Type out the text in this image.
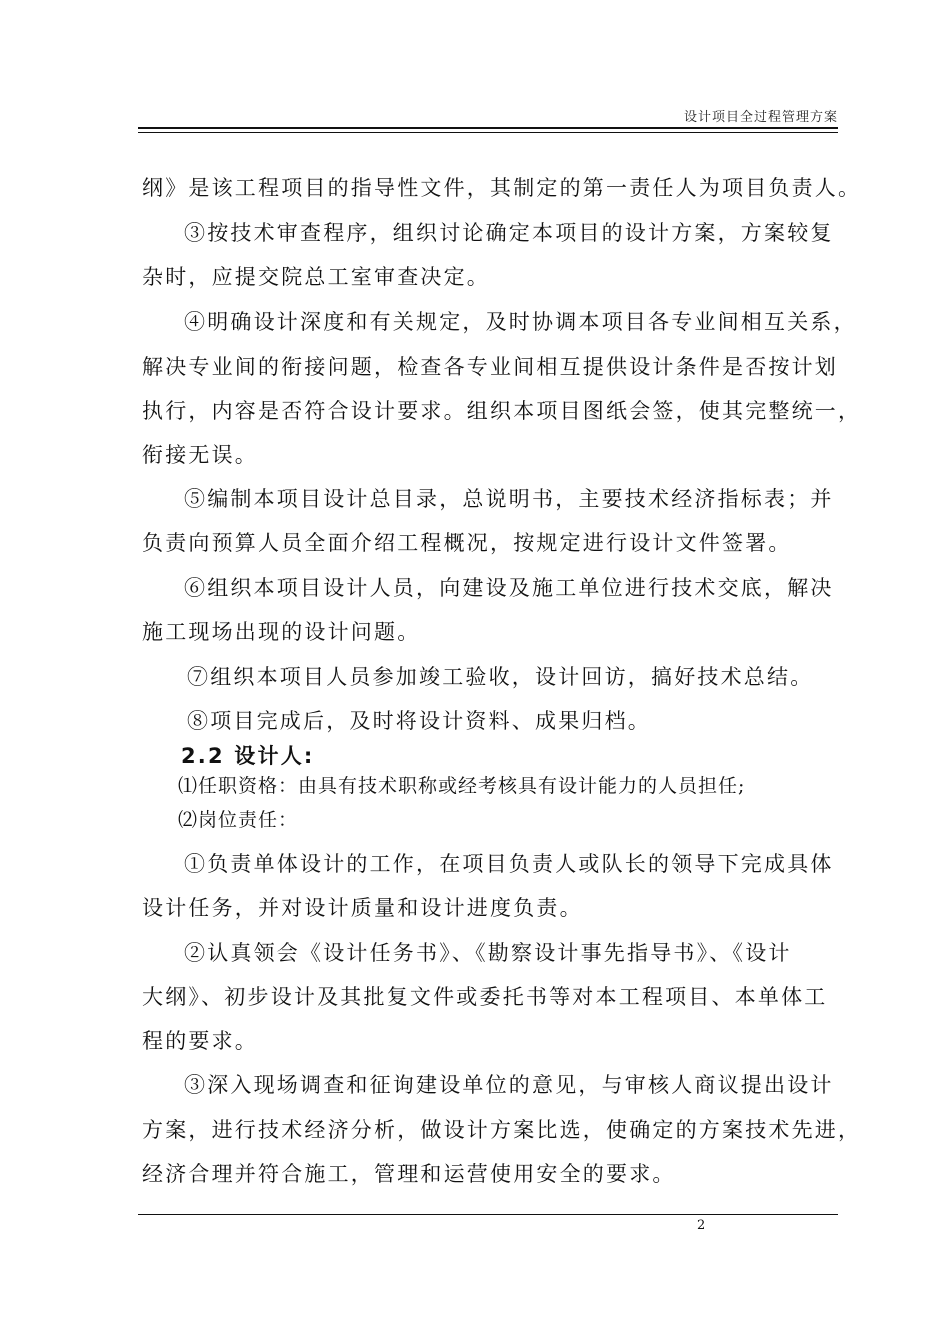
设计项目全过程管理方案
纲》是该工程项目的指导性文件，其制定的第一责任人为项目负责人。
③按技术审查程序，组织讨论确定本项目的设计方案，方案较复
杂时，应提交院总工室审查决定。
④明确设计深度和有关规定，及时协调本项目各专业间相互关系，
解决专业间的衔接问题，检查各专业间相互提供设计条件是否按计划
执行，内容是否符合设计要求。组织本项目图纸会签，使其完整统一，
衔接无误。
⑤编制本项目设计总目录，总说明书，主要技术经济指标表；并
负责向预算人员全面介绍工程概况，按规定进行设计文件签署。
⑥组织本项目设计人员，向建设及施工单位进行技术交底，解决
施工现场出现的设计问题。
⑦组织本项目人员参加竣工验收，设计回访，搞好技术总结。
⑧项目完成后，及时将设计资料、成果归档。
2.2 设计人:
⑴任职资格：由具有技术职称或经考核具有设计能力的人员担任;
⑵岗位责任：
①负责单体设计的工作，在项目负责人或队长的领导下完成具体
设计任务，并对设计质量和设计进度负责。
②认真领会《设计任务书》、《勘察设计事先指导书》、《设计
大纲》、初步设计及其批复文件或委托书等对本工程项目、本单体工
程的要求。
③深入现场调查和征询建设单位的意见，与审核人商议提出设计
方案，进行技术经济分析，做设计方案比选，使确定的方案技术先进，
经济合理并符合施工，管理和运营使用安全的要求。
2
